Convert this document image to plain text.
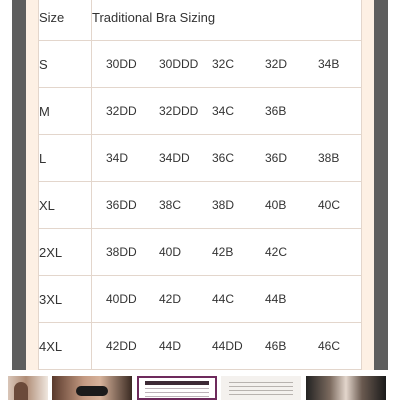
Size	Traditional Bra Sizing
S	30DD 30DDD 32C 32D 34B

M	32DD 32DDD 34C 36B

L	34D 34DD 36C 36D 38B

XL	36DD 38C 38D 40B 40C

2XL	38DD 40D 42B 42C

3XL	40DD 42D 44C 44B

4XL	42DD 44D 44DD 46B 46C
